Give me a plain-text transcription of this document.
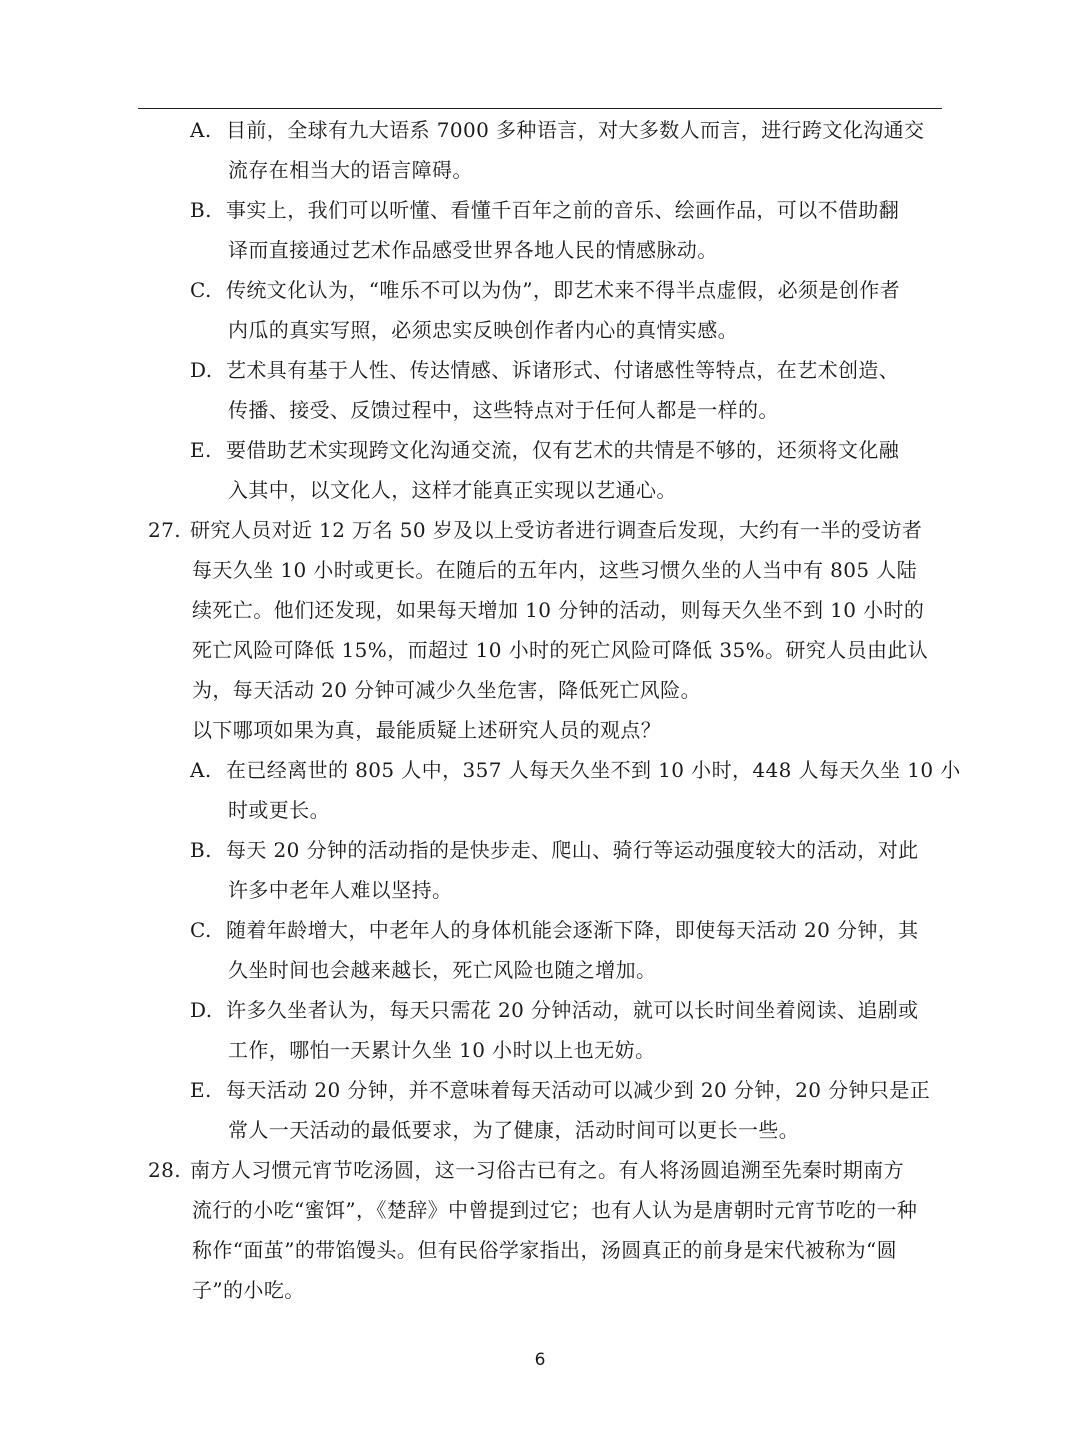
A. 目前，全球有九大语系 7000 多种语言，对大多数人而言，进行跨文化沟通交
流存在相当大的语言障碍。
B. 事实上，我们可以听懂、看懂千百年之前的音乐、绘画作品，可以不借助翻
译而直接通过艺术作品感受世界各地人民的情感脉动。
C. 传统文化认为，“唯乐不可以为伪”，即艺术来不得半点虚假，必须是创作者
内瓜的真实写照，必须忠实反映创作者内心的真情实感。
D. 艺术具有基于人性、传达情感、诉诸形式、付诸感性等特点，在艺术创造、
传播、接受、反馈过程中，这些特点对于任何人都是一样的。
E. 要借助艺术实现跨文化沟通交流，仅有艺术的共情是不够的，还须将文化融
入其中，以文化人，这样才能真正实现以艺通心。
27. 研究人员对近 12 万名 50 岁及以上受访者进行调查后发现，大约有一半的受访者
每天久坐 10 小时或更长。在随后的五年内，这些习惯久坐的人当中有 805 人陆
续死亡。他们还发现，如果每天增加 10 分钟的活动，则每天久坐不到 10 小时的
死亡风险可降低 15%，而超过 10 小时的死亡风险可降低 35%。研究人员由此认
为，每天活动 20 分钟可减少久坐危害，降低死亡风险。
以下哪项如果为真，最能质疑上述研究人员的观点？
A. 在已经离世的 805 人中，357 人每天久坐不到 10 小时，448 人每天久坐 10 小
时或更长。
B. 每天 20 分钟的活动指的是快步走、爬山、骑行等运动强度较大的活动，对此
许多中老年人难以坚持。
C. 随着年龄增大，中老年人的身体机能会逐渐下降，即使每天活动 20 分钟，其
久坐时间也会越来越长，死亡风险也随之增加。
D. 许多久坐者认为，每天只需花 20 分钟活动，就可以长时间坐着阅读、追剧或
工作，哪怕一天累计久坐 10 小时以上也无妨。
E. 每天活动 20 分钟，并不意味着每天活动可以减少到 20 分钟，20 分钟只是正
常人一天活动的最低要求，为了健康，活动时间可以更长一些。
28. 南方人习惯元宵节吃汤圆，这一习俗古已有之。有人将汤圆追溯至先秦时期南方
流行的小吃“蜜饵”，《楚辞》中曾提到过它；也有人认为是唐朝时元宵节吃的一种
称作“面茧”的带馅馒头。但有民俗学家指出，汤圆真正的前身是宋代被称为“圆
子”的小吃。
6
